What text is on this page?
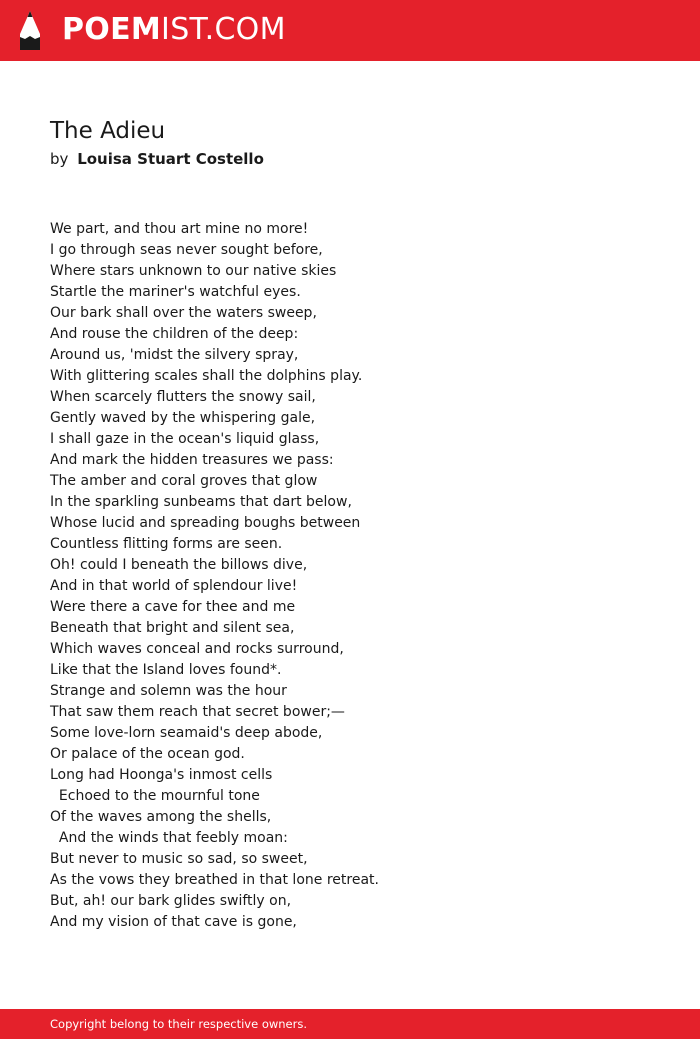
POEMIST.COM
The Adieu
by Louisa Stuart Costello
We part, and thou art mine no more!
I go through seas never sought before,
Where stars unknown to our native skies
Startle the mariner's watchful eyes.
Our bark shall over the waters sweep,
And rouse the children of the deep:
Around us, 'midst the silvery spray,
With glittering scales shall the dolphins play.
When scarcely flutters the snowy sail,
Gently waved by the whispering gale,
I shall gaze in the ocean's liquid glass,
And mark the hidden treasures we pass:
The amber and coral groves that glow
In the sparkling sunbeams that dart below,
Whose lucid and spreading boughs between
Countless flitting forms are seen.
Oh! could I beneath the billows dive,
And in that world of splendour live!
Were there a cave for thee and me
Beneath that bright and silent sea,
Which waves conceal and rocks surround,
Like that the Island loves found*.
Strange and solemn was the hour
That saw them reach that secret bower;—
Some love-lorn seamaid's deep abode,
Or palace of the ocean god.
Long had Hoonga's inmost cells
Echoed to the mournful tone
Of the waves among the shells,
And the winds that feebly moan:
But never to music so sad, so sweet,
As the vows they breathed in that lone retreat.
But, ah! our bark glides swiftly on,
And my vision of that cave is gone,
Copyright belong to their respective owners.
